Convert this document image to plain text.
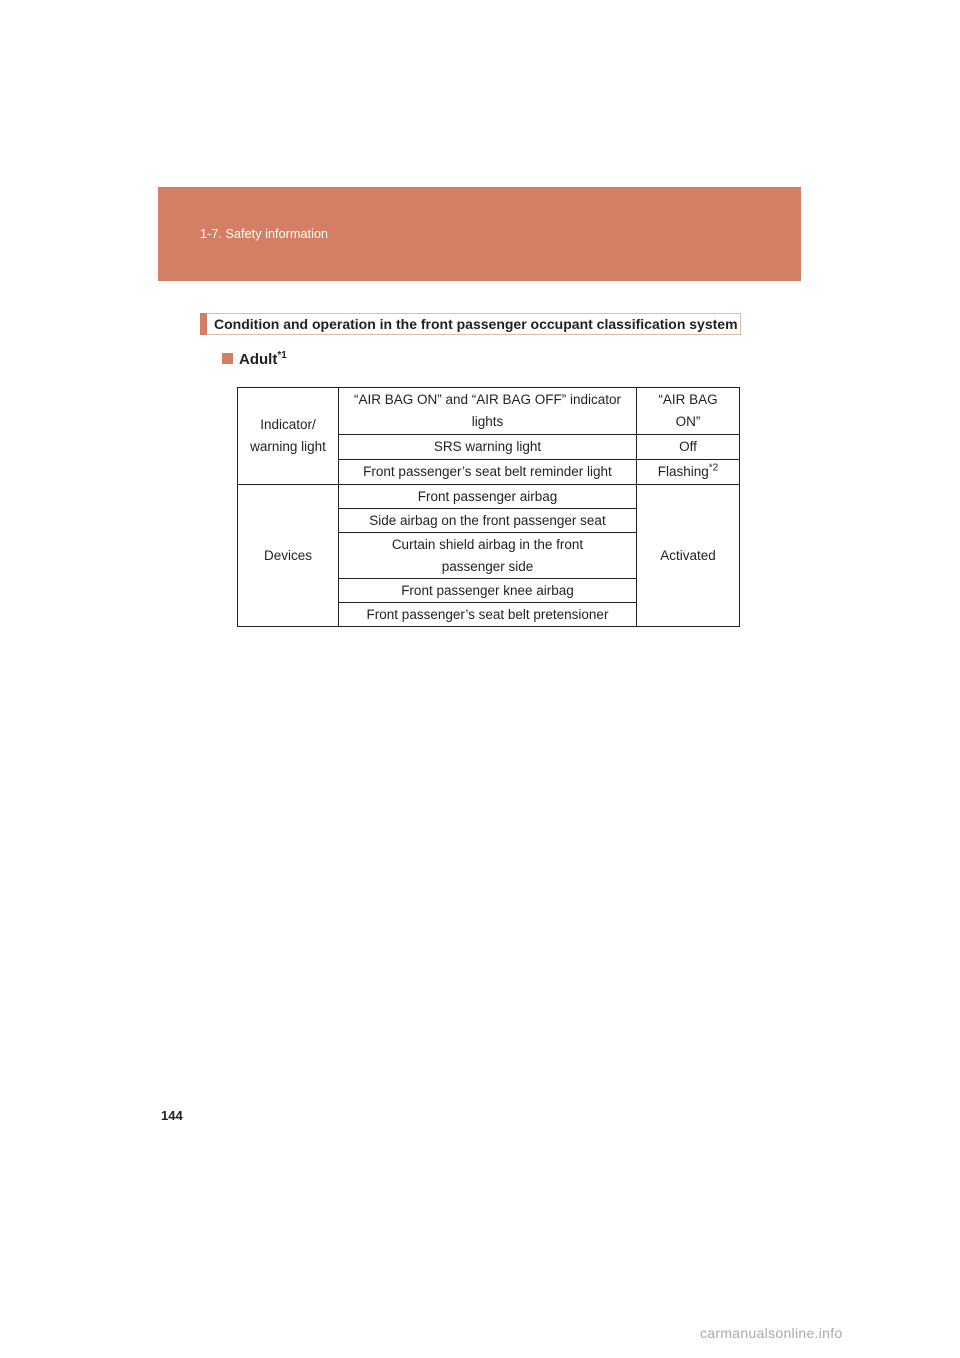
1-7. Safety information
Condition and operation in the front passenger occupant classification system
Adult$^{*1}$
Indicator/ warning light	“AIR BAG ON” and “AIR BAG OFF” indicator lights	“AIR BAG ON”
	SRS warning light	Off
	Front passenger’s seat belt reminder light	Flashing$^{*2}$
Devices	Front passenger airbag	Activated
	Side airbag on the front passenger seat	
	Curtain shield airbag in the front passenger side	
	Front passenger knee airbag	
	Front passenger’s seat belt pretensioner	
144
carmanualsonline.info
